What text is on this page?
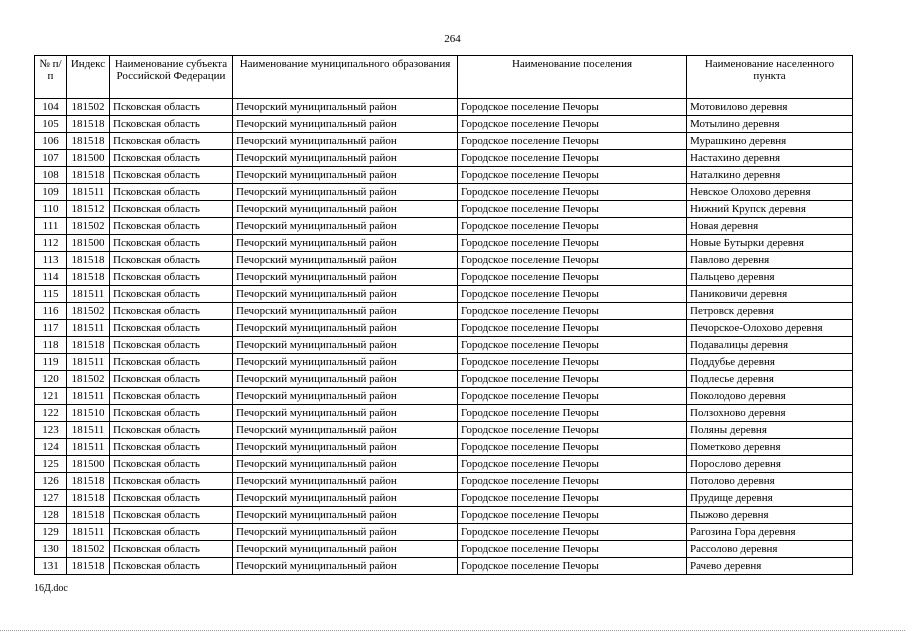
264
№ п/п	Индекс	Наименование субъекта Российской Федерации	Наименование муниципального образования	Наименование поселения	Наименование населенного пункта
104	181502	Псковская область	Печорский муниципальный район	Городское поселение Печоры	Мотовилово деревня
105	181518	Псковская область	Печорский муниципальный район	Городское поселение Печоры	Мотылино деревня
106	181518	Псковская область	Печорский муниципальный район	Городское поселение Печоры	Мурашкино деревня
107	181500	Псковская область	Печорский муниципальный район	Городское поселение Печоры	Настахино деревня
108	181518	Псковская область	Печорский муниципальный район	Городское поселение Печоры	Наталкино деревня
109	181511	Псковская область	Печорский муниципальный район	Городское поселение Печоры	Невское Олохово деревня
110	181512	Псковская область	Печорский муниципальный район	Городское поселение Печоры	Нижний Крупск деревня
111	181502	Псковская область	Печорский муниципальный район	Городское поселение Печоры	Новая деревня
112	181500	Псковская область	Печорский муниципальный район	Городское поселение Печоры	Новые Бутырки деревня
113	181518	Псковская область	Печорский муниципальный район	Городское поселение Печоры	Павлово деревня
114	181518	Псковская область	Печорский муниципальный район	Городское поселение Печоры	Пальцево деревня
115	181511	Псковская область	Печорский муниципальный район	Городское поселение Печоры	Паниковичи деревня
116	181502	Псковская область	Печорский муниципальный район	Городское поселение Печоры	Петровск деревня
117	181511	Псковская область	Печорский муниципальный район	Городское поселение Печоры	Печорское-Олохово деревня
118	181518	Псковская область	Печорский муниципальный район	Городское поселение Печоры	Подавалицы деревня
119	181511	Псковская область	Печорский муниципальный район	Городское поселение Печоры	Поддубье деревня
120	181502	Псковская область	Печорский муниципальный район	Городское поселение Печоры	Подлесье деревня
121	181511	Псковская область	Печорский муниципальный район	Городское поселение Печоры	Поколодово деревня
122	181510	Псковская область	Печорский муниципальный район	Городское поселение Печоры	Ползохново деревня
123	181511	Псковская область	Печорский муниципальный район	Городское поселение Печоры	Поляны деревня
124	181511	Псковская область	Печорский муниципальный район	Городское поселение Печоры	Пометково деревня
125	181500	Псковская область	Печорский муниципальный район	Городское поселение Печоры	Порослово деревня
126	181518	Псковская область	Печорский муниципальный район	Городское поселение Печоры	Потолово деревня
127	181518	Псковская область	Печорский муниципальный район	Городское поселение Печоры	Прудище деревня
128	181518	Псковская область	Печорский муниципальный район	Городское поселение Печоры	Пыжово деревня
129	181511	Псковская область	Печорский муниципальный район	Городское поселение Печоры	Рагозина Гора деревня
130	181502	Псковская область	Печорский муниципальный район	Городское поселение Печоры	Рассолово деревня
131	181518	Псковская область	Печорский муниципальный район	Городское поселение Печоры	Рачево деревня
16Д.doc
